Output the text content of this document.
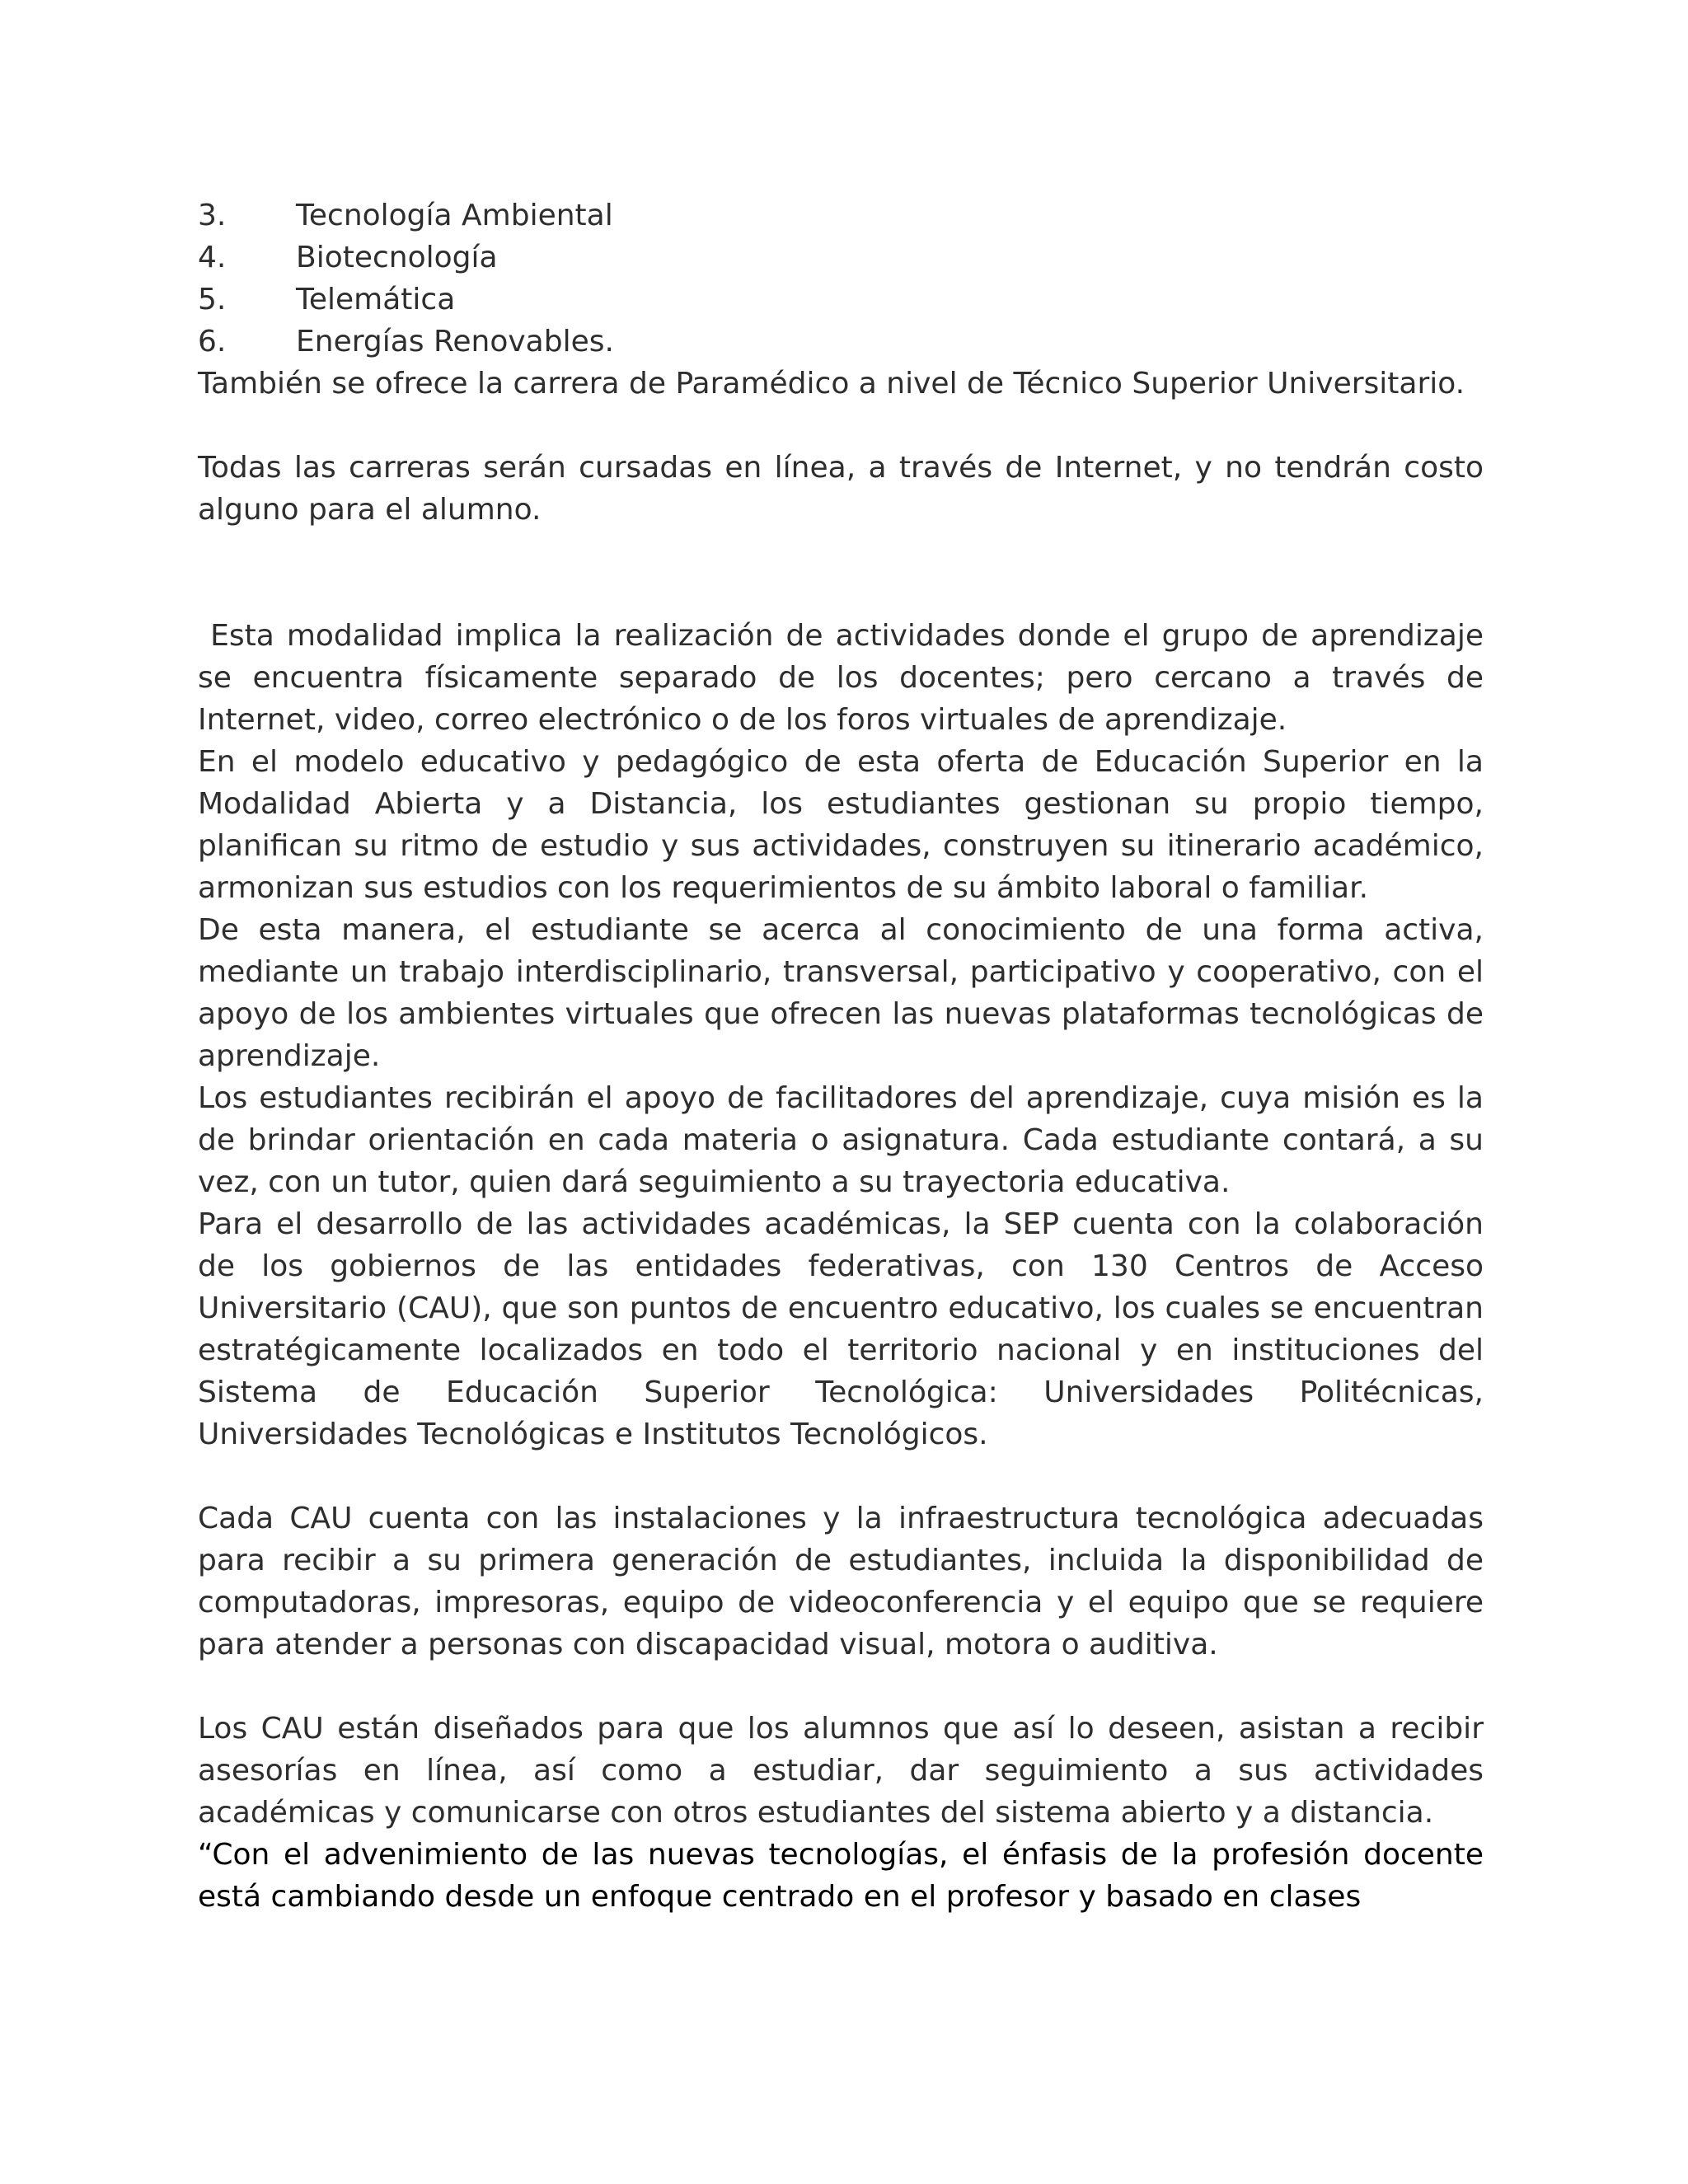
3.	Tecnología Ambiental
4.	Biotecnología
5.	Telemática
6.	Energías Renovables.

También se ofrece la carrera de Paramédico a nivel de Técnico Superior Universitario.

Todas las carreras serán cursadas en línea, a través de Internet, y no tendrán costo alguno para el alumno.

Esta modalidad implica la realización de actividades donde el grupo de aprendizaje se encuentra físicamente separado de los docentes; pero cercano a través de Internet, video, correo electrónico o de los foros virtuales de aprendizaje.

En el modelo educativo y pedagógico de esta oferta de Educación Superior en la Modalidad Abierta y a Distancia, los estudiantes gestionan su propio tiempo, planifican su ritmo de estudio y sus actividades, construyen su itinerario académico, armonizan sus estudios con los requerimientos de su ámbito laboral o familiar.

De esta manera, el estudiante se acerca al conocimiento de una forma activa, mediante un trabajo interdisciplinario, transversal, participativo y cooperativo, con el apoyo de los ambientes virtuales que ofrecen las nuevas plataformas tecnológicas de aprendizaje.

Los estudiantes recibirán el apoyo de facilitadores del aprendizaje, cuya misión es la de brindar orientación en cada materia o asignatura. Cada estudiante contará, a su vez, con un tutor, quien dará seguimiento a su trayectoria educativa.

Para el desarrollo de las actividades académicas, la SEP cuenta con la colaboración de los gobiernos de las entidades federativas, con 130 Centros de Acceso Universitario (CAU), que son puntos de encuentro educativo, los cuales se encuentran estratégicamente localizados en todo el territorio nacional y en instituciones del Sistema de Educación Superior Tecnológica: Universidades Politécnicas, Universidades Tecnológicas e Institutos Tecnológicos.

Cada CAU cuenta con las instalaciones y la infraestructura tecnológica adecuadas para recibir a su primera generación de estudiantes, incluida la disponibilidad de computadoras, impresoras, equipo de videoconferencia y el equipo que se requiere para atender a personas con discapacidad visual, motora o auditiva.

Los CAU están diseñados para que los alumnos que así lo deseen, asistan a recibir asesorías en línea, así como a estudiar, dar seguimiento a sus actividades académicas y comunicarse con otros estudiantes del sistema abierto y a distancia.

“Con el advenimiento de las nuevas tecnologías, el énfasis de la profesión docente está cambiando desde un enfoque centrado en el profesor y basado en clases
